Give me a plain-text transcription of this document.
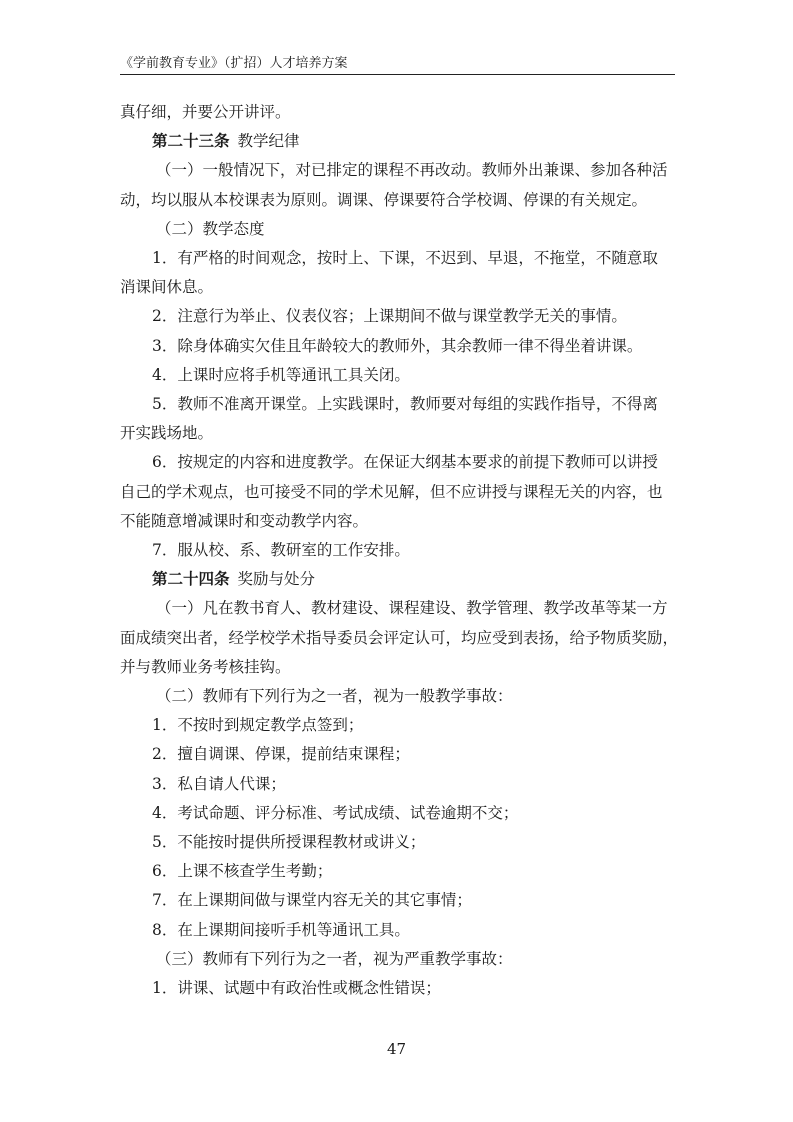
《学前教育专业》（扩招）人才培养方案
真仔细，并要公开讲评。
第二十三条 教学纪律
（一）一般情况下，对已排定的课程不再改动。教师外出兼课、参加各种活
动，均以服从本校课表为原则。调课、停课要符合学校调、停课的有关规定。
（二）教学态度
1．有严格的时间观念，按时上、下课，不迟到、早退，不拖堂，不随意取
消课间休息。
2．注意行为举止、仪表仪容；上课期间不做与课堂教学无关的事情。
3．除身体确实欠佳且年龄较大的教师外，其余教师一律不得坐着讲课。
4．上课时应将手机等通讯工具关闭。
5．教师不准离开课堂。上实践课时，教师要对每组的实践作指导，不得离
开实践场地。
6．按规定的内容和进度教学。在保证大纲基本要求的前提下教师可以讲授
自己的学术观点，也可接受不同的学术见解，但不应讲授与课程无关的内容，也
不能随意增减课时和变动教学内容。
7．服从校、系、教研室的工作安排。
第二十四条 奖励与处分
（一）凡在教书育人、教材建设、课程建设、教学管理、教学改革等某一方
面成绩突出者，经学校学术指导委员会评定认可，均应受到表扬，给予物质奖励，
并与教师业务考核挂钩。
（二）教师有下列行为之一者，视为一般教学事故：
1．不按时到规定教学点签到；
2．擅自调课、停课，提前结束课程；
3．私自请人代课；
4．考试命题、评分标准、考试成绩、试卷逾期不交；
5．不能按时提供所授课程教材或讲义；
6．上课不核查学生考勤；
7．在上课期间做与课堂内容无关的其它事情；
8．在上课期间接听手机等通讯工具。
（三）教师有下列行为之一者，视为严重教学事故：
1．讲课、试题中有政治性或概念性错误；
47
